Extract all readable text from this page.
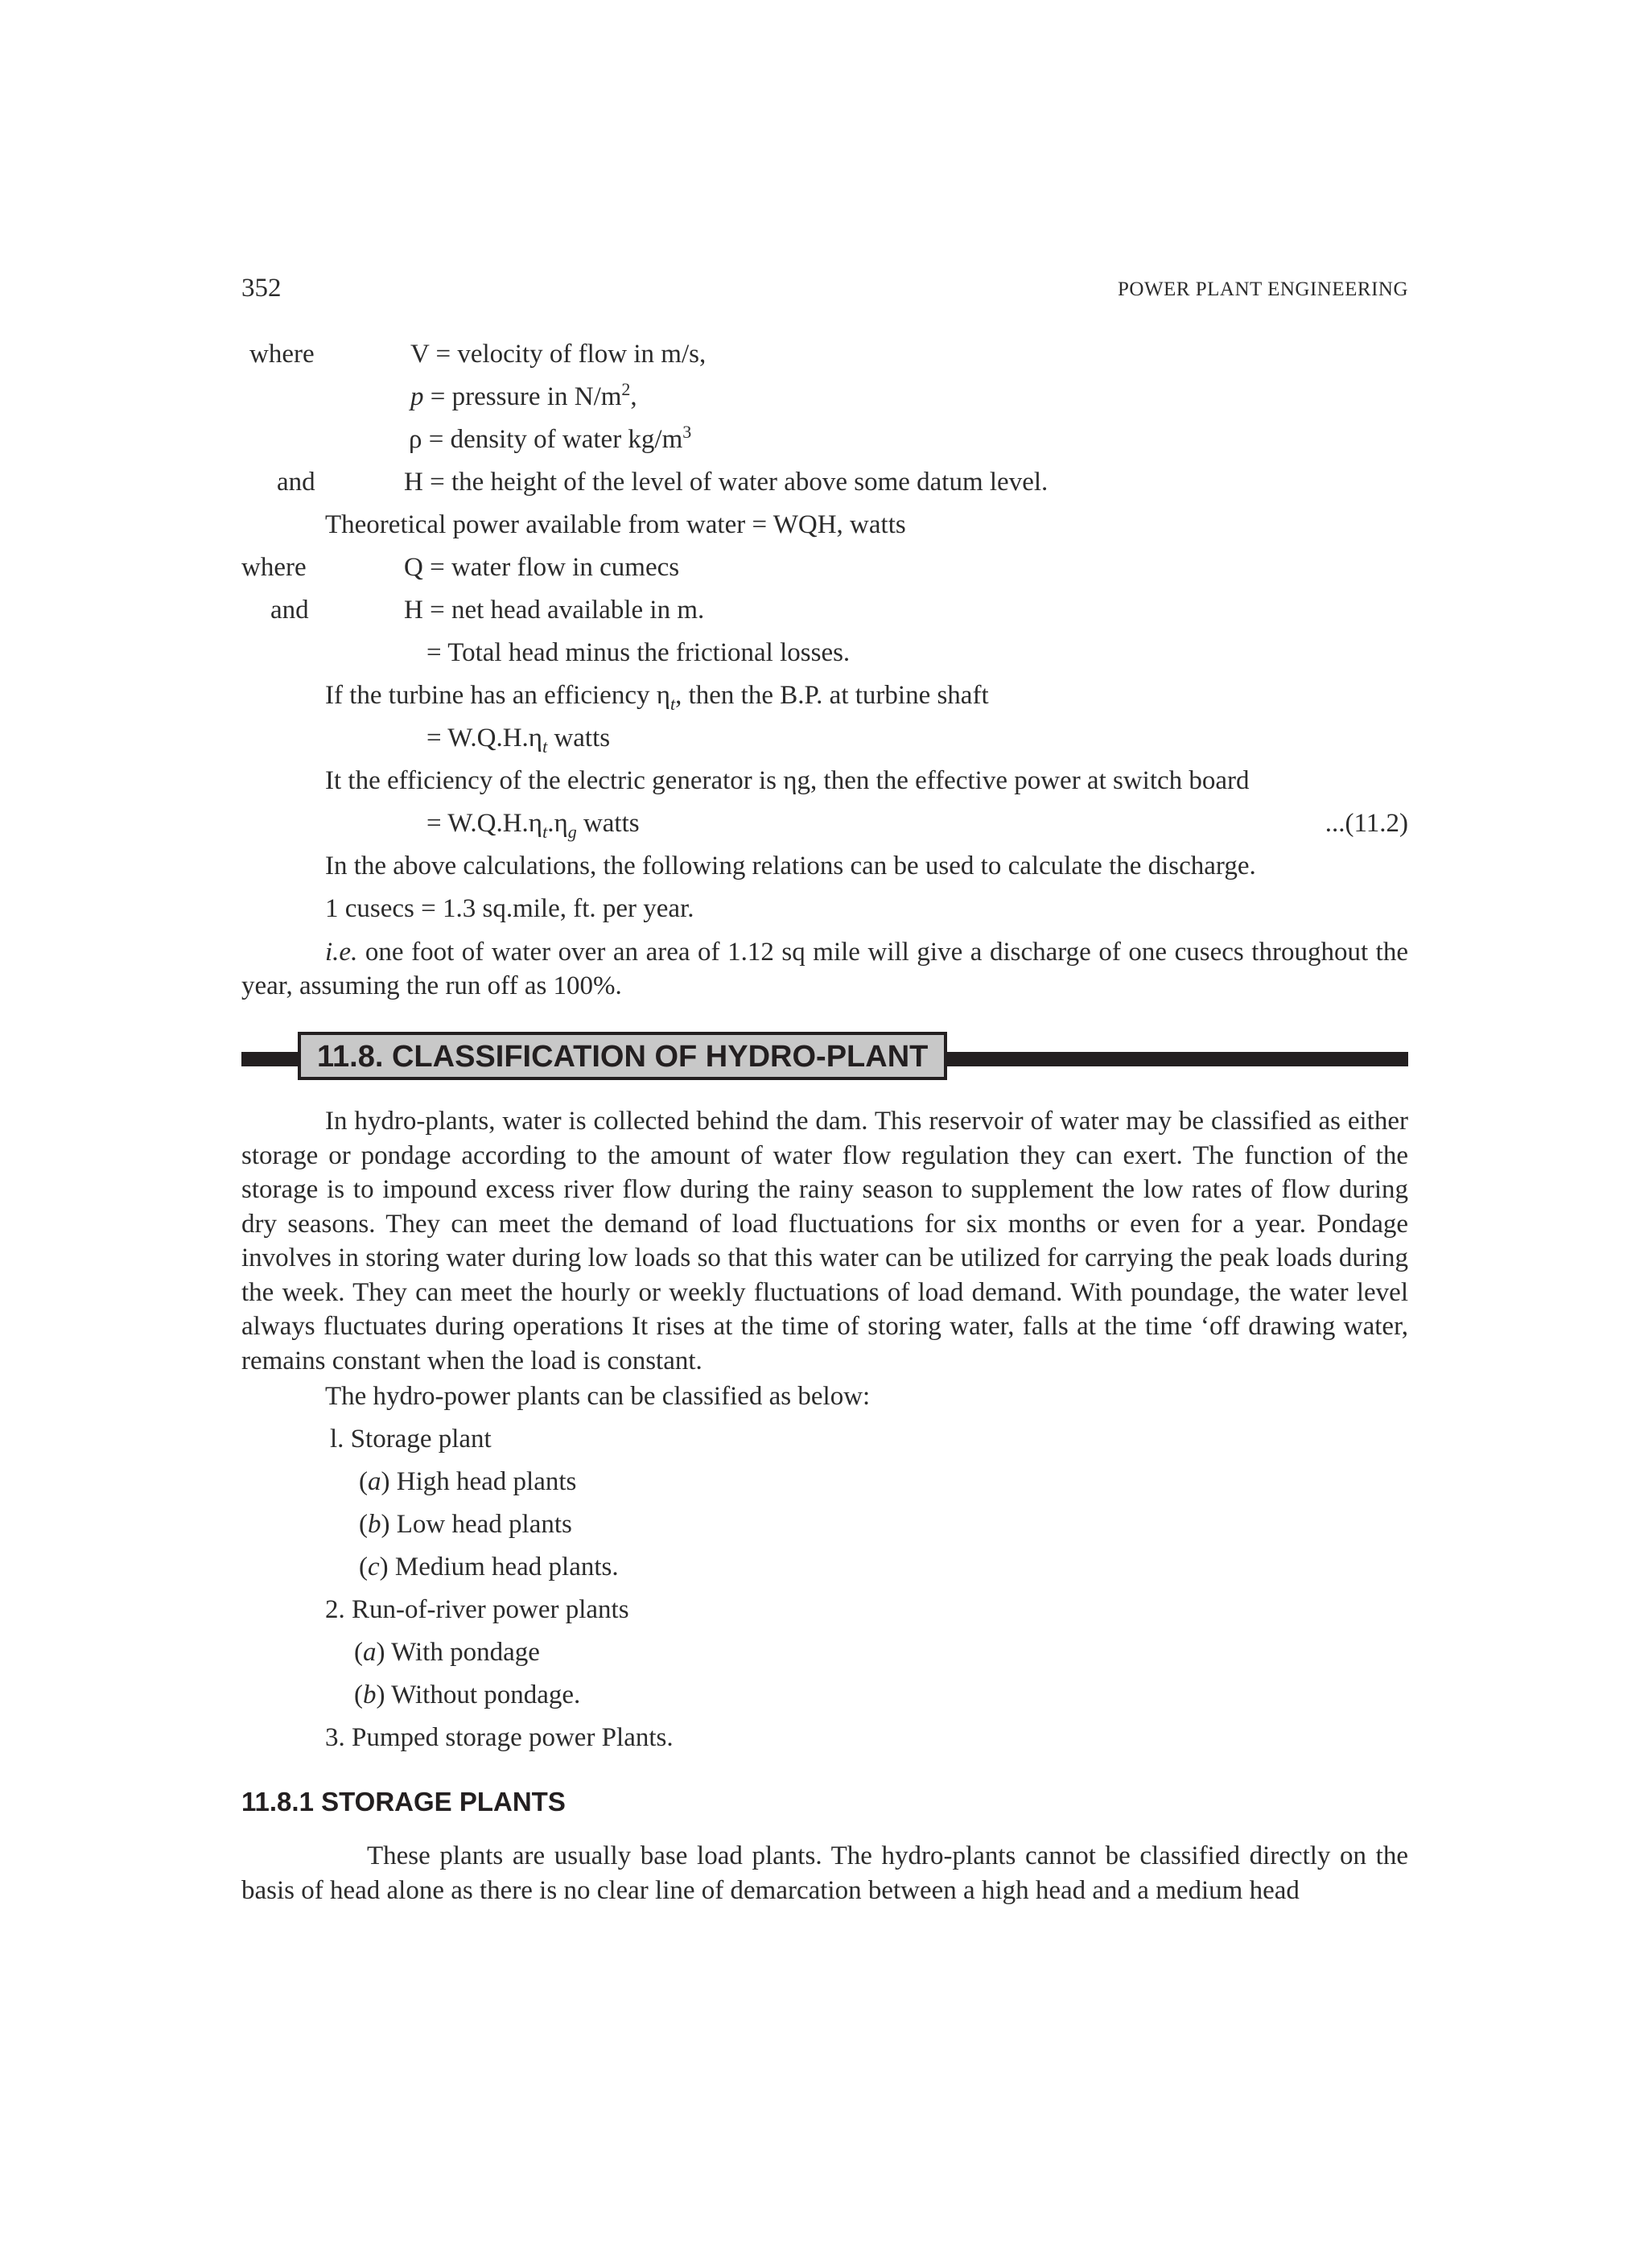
352	POWER PLANT ENGINEERING
where	V = velocity of flow in m/s,
p = pressure in $N/m^2$,
ρ = density of water $kg/m^3$
and	H = the height of the level of water above some datum level.
Theoretical power available from water = WQH, watts
where	Q = water flow in cumecs
and	H = net head available in m.
= Total head minus the frictional losses.
If the turbine has an efficiency $\eta_t$, then the B.P. at turbine shaft
= $W.Q.H.\eta_t$ watts
It the efficiency of the electric generator is ηg, then the effective power at switch board
= $W.Q.H.\eta_t.\eta_g$ watts	...(11.2)
In the above calculations, the following relations can be used to calculate the discharge.
1 cusecs = 1.3 sq.mile, ft. per year.
i.e. one foot of water over an area of 1.12 sq mile will give a discharge of one cusecs throughout the year, assuming the run off as 100%.
11.8. CLASSIFICATION OF HYDRO-PLANT
In hydro-plants, water is collected behind the dam. This reservoir of water may be classified as either storage or pondage according to the amount of water flow regulation they can exert. The function of the storage is to impound excess river flow during the rainy season to supplement the low rates of flow during dry seasons. They can meet the demand of load fluctuations for six months or even for a year. Pondage involves in storing water during low loads so that this water can be utilized for carrying the peak loads during the week. They can meet the hourly or weekly fluctuations of load demand. With poundage, the water level always fluctuates during operations It rises at the time of storing water, falls at the time ‘off drawing water, remains constant when the load is constant.
The hydro-power plants can be classified as below:
l. Storage plant
(a) High head plants
(b) Low head plants
(c) Medium head plants.
2. Run-of-river power plants
(a) With pondage
(b) Without pondage.
3. Pumped storage power Plants.
11.8.1 STORAGE PLANTS
These plants are usually base load plants. The hydro-plants cannot be classified directly on the basis of head alone as there is no clear line of demarcation between a high head and a medium head
